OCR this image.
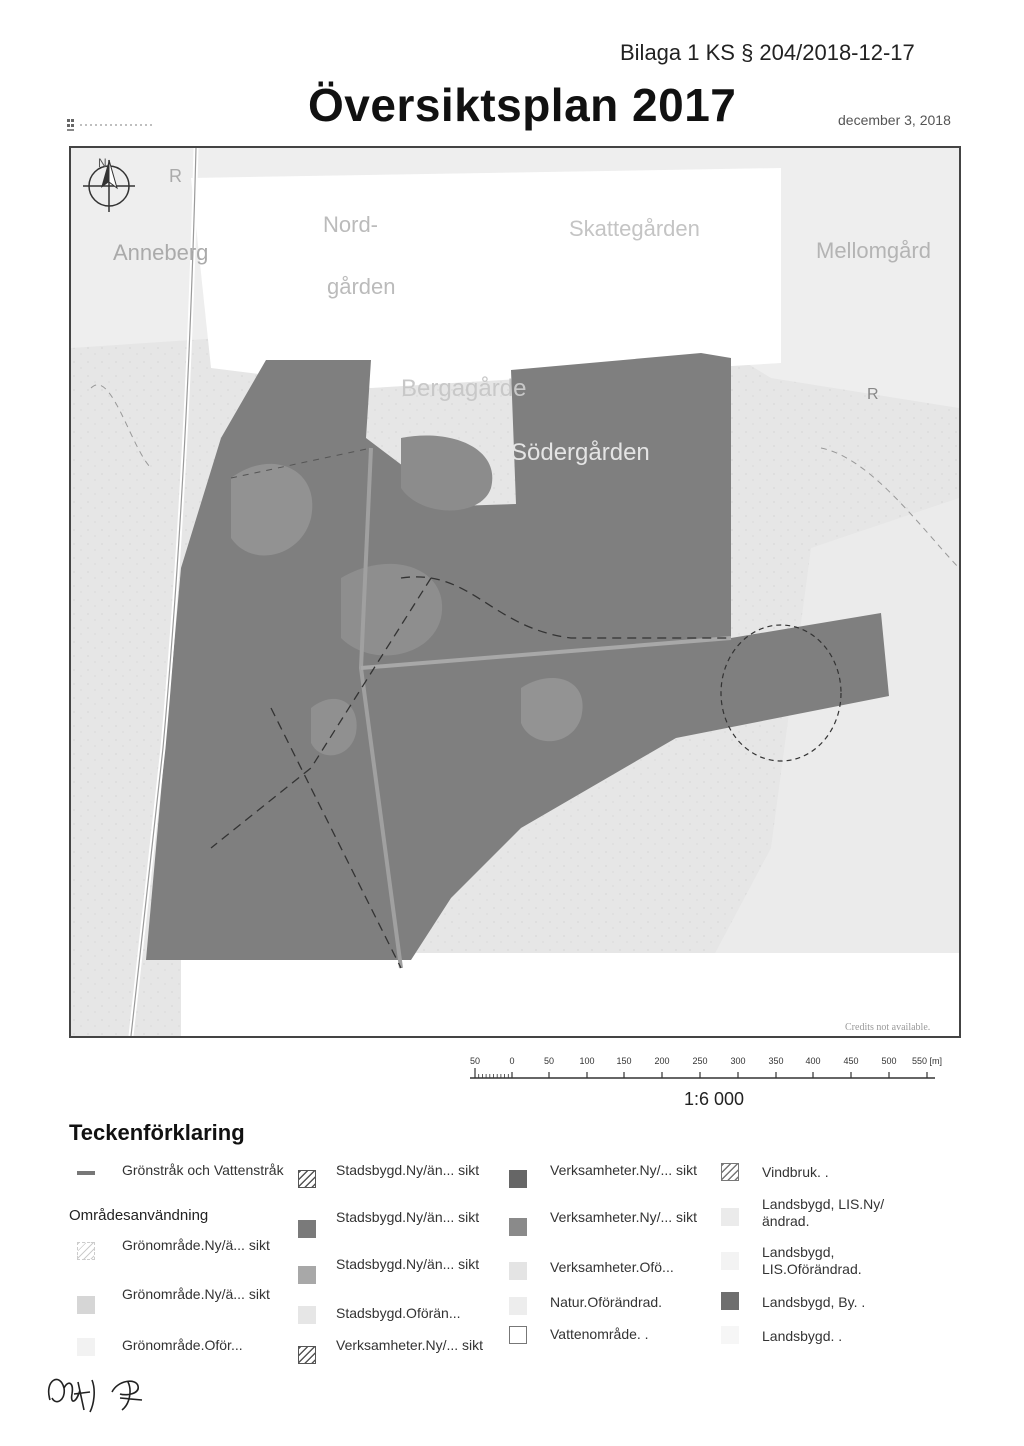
Bilaga 1 KS § 204/2018-12-17
Översiktsplan 2017	december 3, 2018
N
R
Anneberg
Nord-
gården
Skattegården
Mellomgård
Bergagårde
Södergården
R
Credits not available.
50	0	50	100 150	200	250	300	350 400	450	500 550 [m]
1:6 000
Teckenförklaring
Områdesanvändning
Grönstråk och Vattenstråk
Grönområde.Ny/ä... sikt
Grönområde.Ny/ä... sikt
Grönområde.Oför...
Stadsbygd.Ny/än... sikt
Stadsbygd.Ny/än... sikt
Stadsbygd.Ny/än... sikt
Stadsbygd.Oförän...
Verksamheter.Ny/... sikt
Verksamheter.Ny/... sikt
Verksamheter.Ny/... sikt
Verksamheter.Ofö...
Natur.Oförändrad.
Vattenområde. .
Vindbruk. .
Landsbygd, LIS.Ny/ändrad.
Landsbygd, LIS.Oförändrad.
Landsbygd, By. .
Landsbygd. .
